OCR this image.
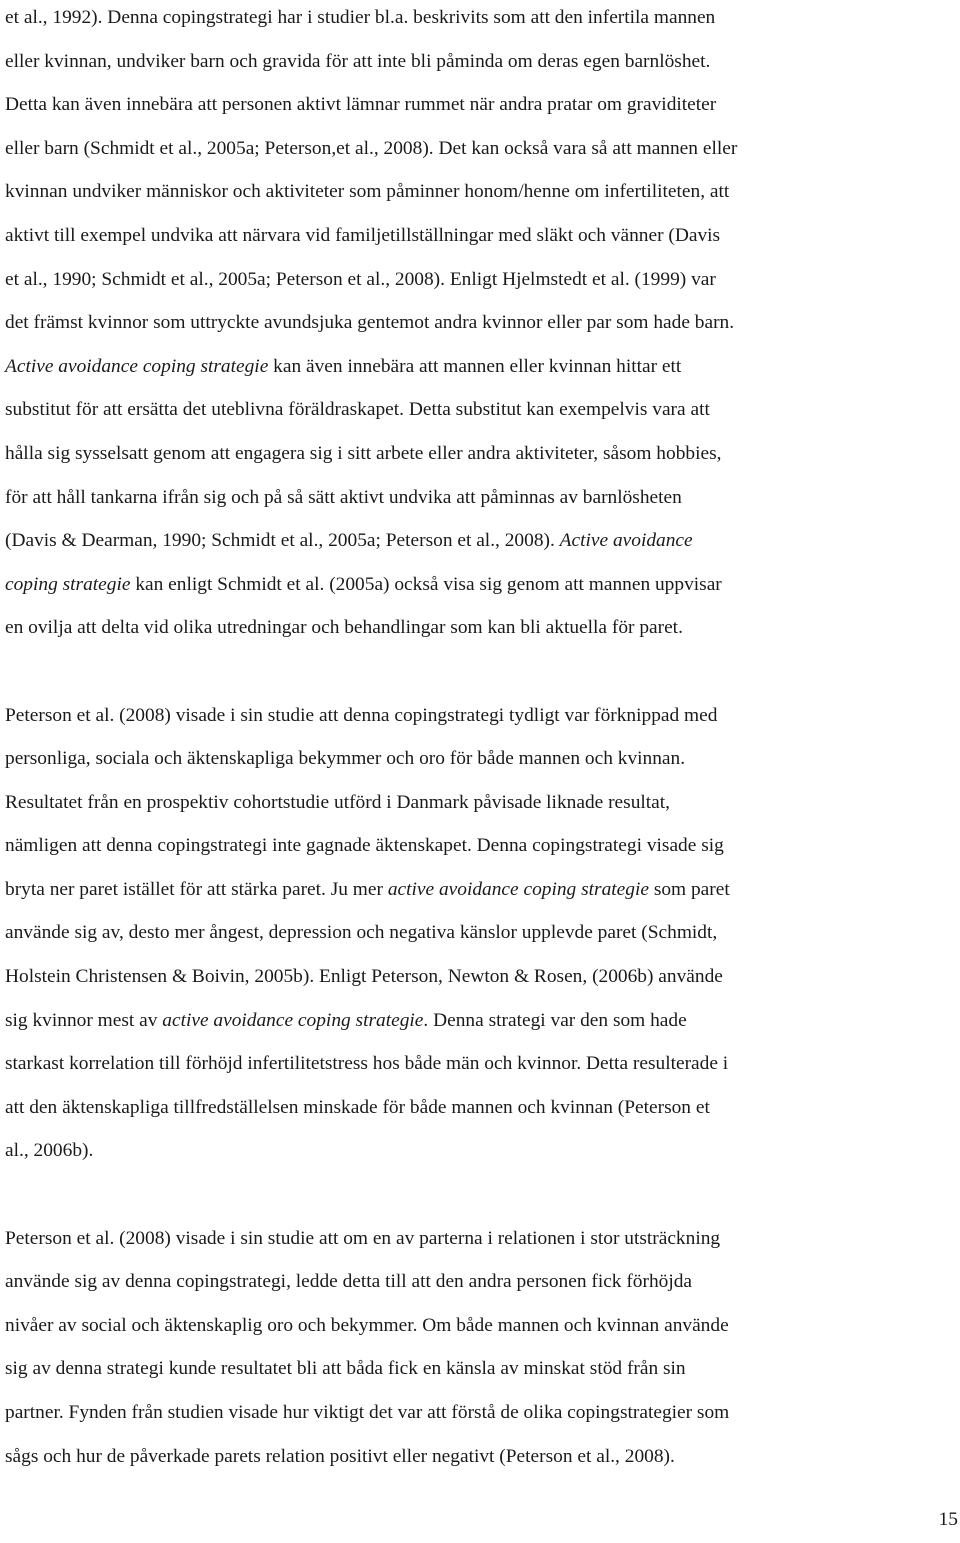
et al., 1992). Denna copingstrategi har i studier bl.a. beskrivits som att den infertila mannen
eller kvinnan, undviker barn och gravida för att inte bli påminda om deras egen barnlöshet.
Detta kan även innebära att personen aktivt lämnar rummet när andra pratar om graviditeter
eller barn (Schmidt et al., 2005a; Peterson,et al., 2008). Det kan också vara så att mannen eller
kvinnan undviker människor och aktiviteter som påminner honom/henne om infertiliteten, att
aktivt till exempel undvika att närvara vid familjetillställningar med släkt och vänner (Davis
et al., 1990; Schmidt et al., 2005a; Peterson et al., 2008). Enligt Hjelmstedt et al. (1999) var
det främst kvinnor som uttryckte avundsjuka gentemot andra kvinnor eller par som hade barn.
Active avoidance coping strategie kan även innebära att mannen eller kvinnan hittar ett
substitut för att ersätta det uteblivna föräldraskapet. Detta substitut kan exempelvis vara att
hålla sig sysselsatt genom att engagera sig i sitt arbete eller andra aktiviteter, såsom hobbies,
för att håll tankarna ifrån sig och på så sätt aktivt undvika att påminnas av barnlösheten
(Davis & Dearman, 1990; Schmidt et al., 2005a; Peterson et al., 2008). Active avoidance
coping strategie kan enligt Schmidt et al. (2005a) också visa sig genom att mannen uppvisar
en ovilja att delta vid olika utredningar och behandlingar som kan bli aktuella för paret.

Peterson et al. (2008) visade i sin studie att denna copingstrategi tydligt var förknippad med
personliga, sociala och äktenskapliga bekymmer och oro för både mannen och kvinnan.
Resultatet från en prospektiv cohortstudie utförd i Danmark påvisade liknade resultat,
nämligen att denna copingstrategi inte gagnade äktenskapet. Denna copingstrategi visade sig
bryta ner paret istället för att stärka paret. Ju mer active avoidance coping strategie som paret
använde sig av, desto mer ångest, depression och negativa känslor upplevde paret (Schmidt,
Holstein Christensen & Boivin, 2005b). Enligt Peterson, Newton & Rosen, (2006b) använde
sig kvinnor mest av active avoidance coping strategie. Denna strategi var den som hade
starkast korrelation till förhöjd infertilitetstress hos både män och kvinnor. Detta resulterade i
att den äktenskapliga tillfredställelsen minskade för både mannen och kvinnan (Peterson et
al., 2006b).

Peterson et al. (2008) visade i sin studie att om en av parterna i relationen i stor utsträckning
använde sig av denna copingstrategi, ledde detta till att den andra personen fick förhöjda
nivåer av social och äktenskaplig oro och bekymmer. Om både mannen och kvinnan använde
sig av denna strategi kunde resultatet bli att båda fick en känsla av minskat stöd från sin
partner. Fynden från studien visade hur viktigt det var att förstå de olika copingstrategier som
sågs och hur de påverkade parets relation positivt eller negativt (Peterson et al., 2008).

15
